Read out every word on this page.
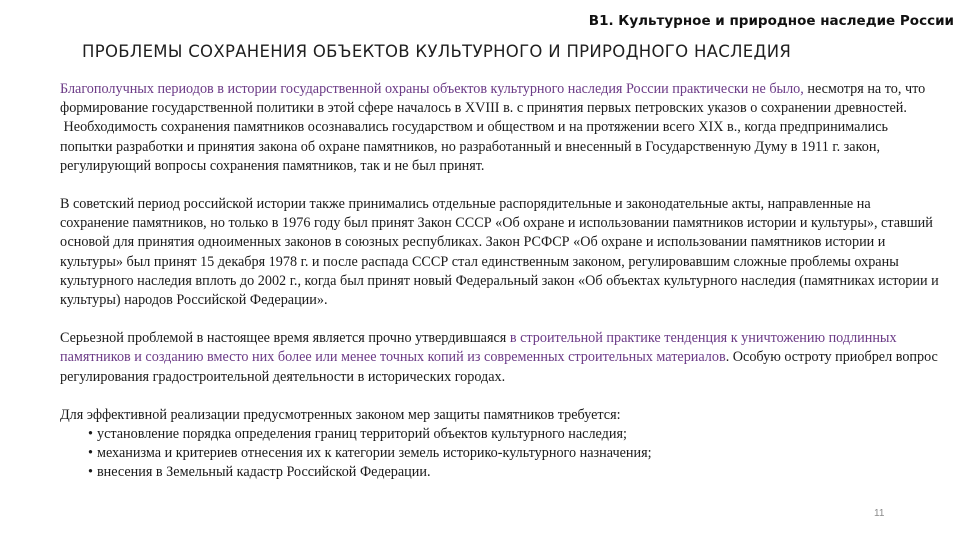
В1. Культурное и природное наследие России
ПРОБЛЕМЫ СОХРАНЕНИЯ ОБЪЕКТОВ КУЛЬТУРНОГО И ПРИРОДНОГО НАСЛЕДИЯ

Благополучных периодов в истории государственной охраны объектов культурного наследия России практически не было, несмотря на то, что формирование государственной политики в этой сфере началось в XVIII в. с принятия первых петровских указов о сохранении древностей.

Необходимость сохранения памятников осознавались государством и обществом и на протяжении всего XIX в., когда предпринимались попытки разработки и принятия закона об охране памятников, но разработанный и внесенный в Государственную Думу в 1911 г. закон, регулирующий вопросы сохранения памятников, так и не был принят.

В советский период российской истории также принимались отдельные распорядительные и законодательные акты, направленные на сохранение памятников, но только в 1976 году был принят Закон СССР «Об охране и использовании памятников истории и культуры», ставший основой для принятия одноименных законов в союзных республиках. Закон РСФСР «Об охране и использовании памятников истории и культуры» был принят 15 декабря 1978 г. и после распада СССР стал единственным законом, регулировавшим сложные проблемы охраны культурного наследия вплоть до 2002 г., когда был принят новый Федеральный закон «Об объектах культурного наследия (памятниках истории и культуры) народов Российской Федерации».

Серьезной проблемой в настоящее время является прочно утвердившаяся в строительной практике тенденция к уничтожению подлинных памятников и созданию вместо них более или менее точных копий из современных строительных материалов. Особую остроту приобрел вопрос регулирования градостроительной деятельности в исторических городах.

Для эффективной реализации предусмотренных законом мер защиты памятников требуется:

• установление порядка определения границ территорий объектов культурного наследия;
• механизма и критериев отнесения их к категории земель историко-культурного назначения;
• внесения в Земельный кадастр Российской Федерации.
11
